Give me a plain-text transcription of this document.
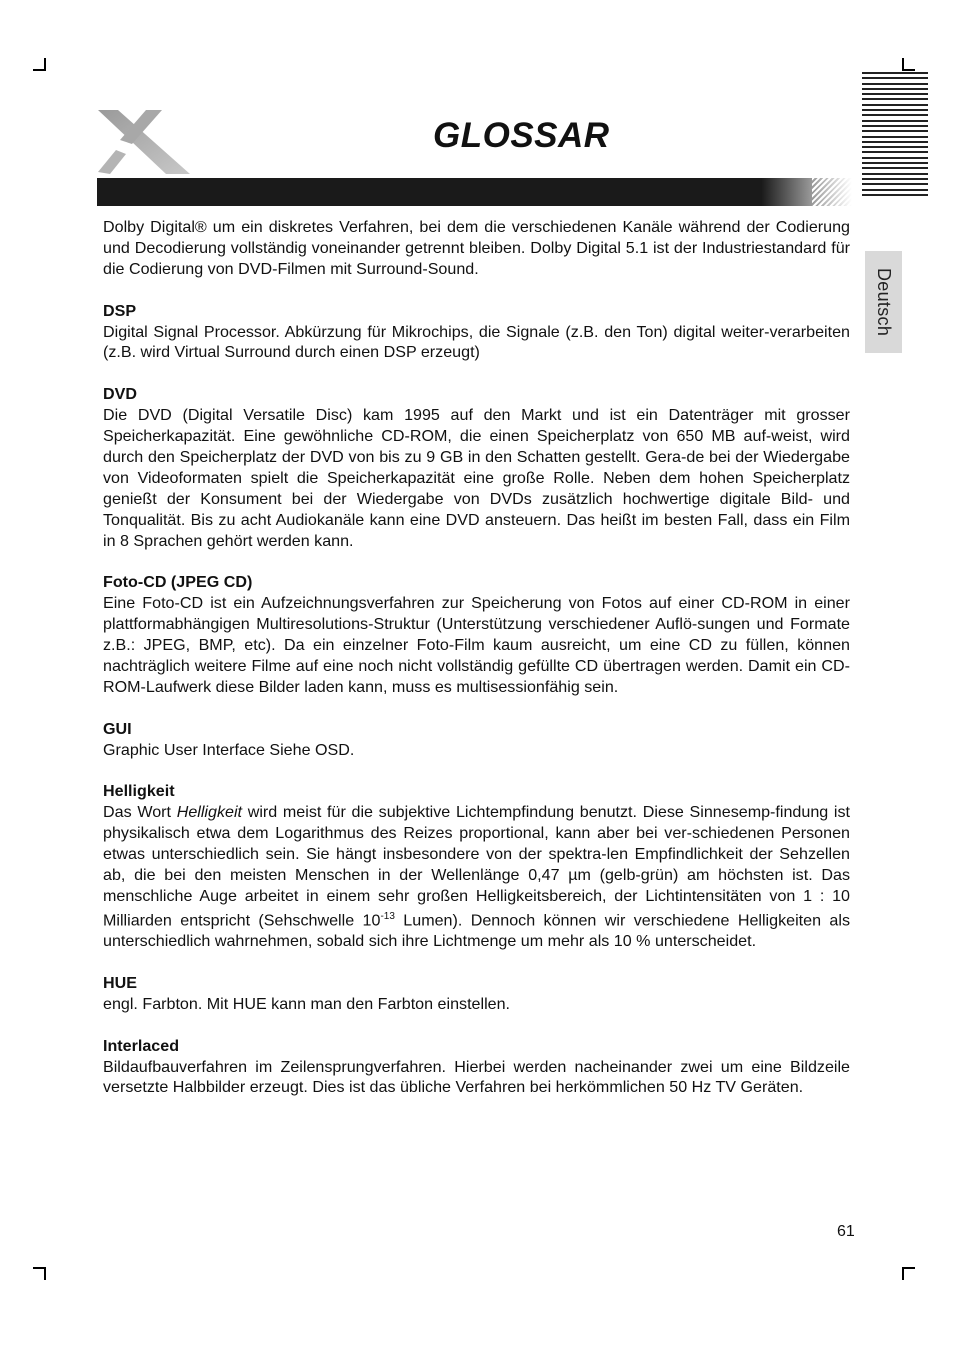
GLOSSAR
Deutsch

Dolby Digital® um ein diskretes Verfahren, bei dem die verschiedenen Kanäle während der Codierung und Decodierung vollständig voneinander getrennt bleiben. Dolby Digital 5.1 ist der Industriestandard für die Codierung von DVD-Filmen mit Surround-Sound.

DSP

Digital Signal Processor. Abkürzung für Mikrochips, die Signale (z.B. den Ton) digital weiter-verarbeiten (z.B. wird Virtual Surround durch einen DSP erzeugt)

DVD

Die DVD (Digital Versatile Disc) kam 1995 auf den Markt und ist ein Datenträger mit grosser Speicherkapazität. Eine gewöhnliche CD-ROM, die einen Speicherplatz von 650 MB auf-weist, wird durch den Speicherplatz der DVD von bis zu 9 GB in den Schatten gestellt. Gera-de bei der Wiedergabe von Videoformaten spielt die Speicherkapazität eine große Rolle. Neben dem hohen Speicherplatz genießt der Konsument bei der Wiedergabe von DVDs zusätzlich hochwertige digitale Bild- und Tonqualität. Bis zu acht Audiokanäle kann eine DVD ansteuern. Das heißt im besten Fall, dass ein Film in 8 Sprachen gehört werden kann.

Foto-CD (JPEG CD)

Eine Foto-CD ist ein Aufzeichnungsverfahren zur Speicherung von Fotos auf einer CD-ROM in einer plattformabhängigen Multiresolutions-Struktur (Unterstützung verschiedener Auflö-sungen und Formate z.B.: JPEG, BMP, etc). Da ein einzelner Foto-Film kaum ausreicht, um eine CD zu füllen, können nachträglich weitere Filme auf eine noch nicht vollständig gefüllte CD übertragen werden. Damit ein CD-ROM-Laufwerk diese Bilder laden kann, muss es multisessionfähig sein.

GUI

Graphic User Interface Siehe OSD.

Helligkeit

Das Wort Helligkeit wird meist für die subjektive Lichtempfindung benutzt. Diese Sinnesemp-findung ist physikalisch etwa dem Logarithmus des Reizes proportional, kann aber bei ver-schiedenen Personen etwas unterschiedlich sein. Sie hängt insbesondere von der spektra-len Empfindlichkeit der Sehzellen ab, die bei den meisten Menschen in der Wellenlänge 0,47 µm (gelb-grün) am höchsten ist. Das menschliche Auge arbeitet in einem sehr großen Helligkeitsbereich, der Lichtintensitäten von 1 : 10 Milliarden entspricht (Sehschwelle $10^{-13}$ Lumen). Dennoch können wir verschiedene Helligkeiten als unterschiedlich wahrnehmen, sobald sich ihre Lichtmenge um mehr als 10 % unterscheidet.

HUE

engl. Farbton. Mit HUE kann man den Farbton einstellen.

Interlaced

Bildaufbauverfahren im Zeilensprungverfahren. Hierbei werden nacheinander zwei um eine Bildzeile versetzte Halbbilder erzeugt. Dies ist das übliche Verfahren bei herkömmlichen 50 Hz TV Geräten.

61
